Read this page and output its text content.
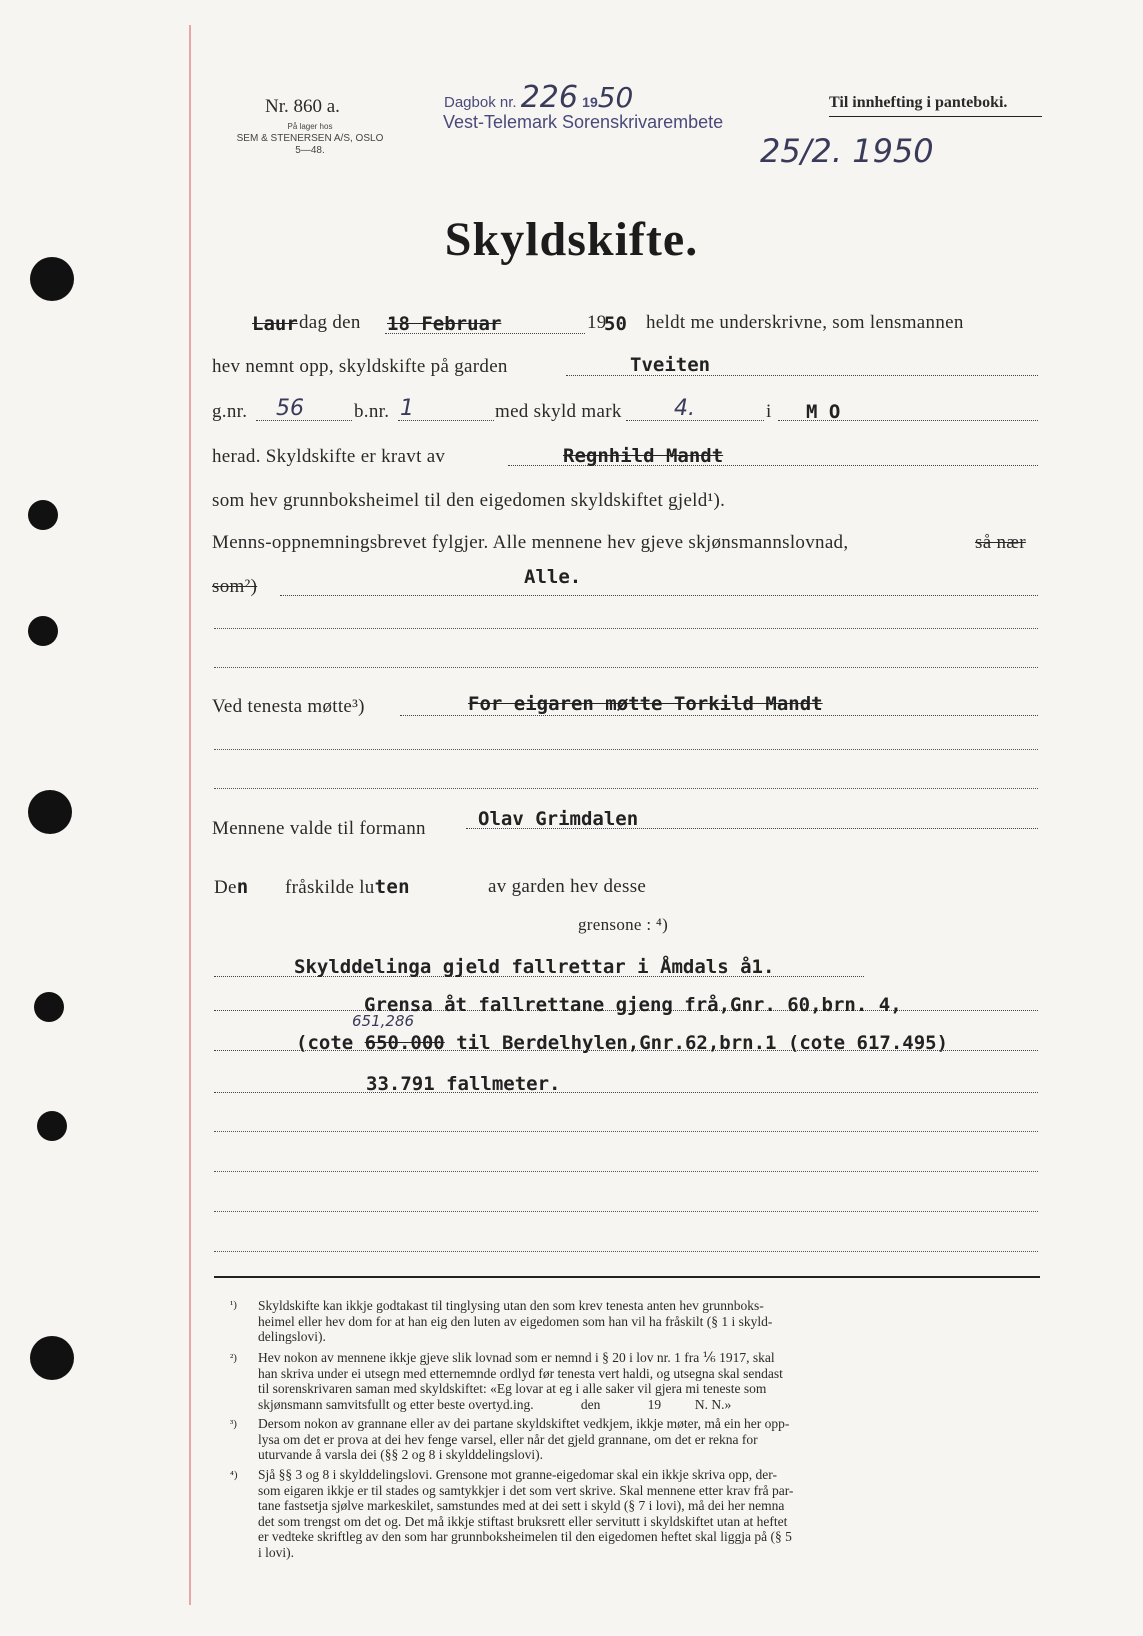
Nr. 860 a.
På lager hos
SEM & STENERSEN A/S, OSLO
5—48.
Dagbok nr. 226 1950
Vest-Telemark Sorenskrivarembete
25/2. 1950
Til innhefting i panteboki.
Skyldskifte.
Laur dag den 18 Februar	19
50 heldt me underskrivne, som lensmannen
hev nemnt opp, skyldskifte på garden	Tveiten
g.nr. 56	b.nr. 1	med skyld mark 4.	i M O
herad. Skyldskifte er kravt av	Regnhild Mandt
som hev grunnboksheimel til den eigedomen skyldskiftet gjeld¹).
Menns-oppnemningsbrevet fylgjer. Alle mennene hev gjeve skjønsmannslovnad,	så nær
som²)	Alle.
Ved tenesta møtte³)	For eigaren møtte Torkild Mandt
Mennene valde til formann	Olav Grimdalen
Den fråskilde luten	av garden hev desse
grensone : ⁴)
Skylddelinga gjeld fallrettar i Åmdals å1.
Grensa åt fallrettane gjeng frå,Gnr. 60,brn. 4,
651,286
(cote 650.000 til Berdelhylen,Gnr.62,brn.1 (cote 617.495)
33.791 fallmeter.
¹) Skyldskifte kan ikkje godtakast til tinglysing utan den som krev tenesta anten hev grunnboks-
heimel eller hev dom for at han eig den luten av eigedomen som han vil ha fråskilt (§ 1 i skyld-
delingslovi).
²) Hev nokon av mennene ikkje gjeve slik lovnad som er nemnd i § 20 i lov nr. 1 fra ⅙ 1917, skal
han skriva under ei utsegn med etternemnde ordlyd før tenesta vert haldi, og utsegna skal sendast
til sorenskrivaren saman med skyldskiftet: «Eg lovar at eg i alle saker vil gjera mi teneste som
skjønsmann samvitsfullt og etter beste overtyd.ing.              den              19          N. N.»
³) Dersom nokon av grannane eller av dei partane skyldskiftet vedkjem, ikkje møter, må ein her opp-
lysa om det er prova at dei hev fenge varsel, eller når det gjeld grannane, om det er rekna for
uturvande å varsla dei (§§ 2 og 8 i skylddelingslovi).
⁴) Sjå §§ 3 og 8 i skylddelingslovi. Grensone mot granne-eigedomar skal ein ikkje skriva opp, der-
som eigaren ikkje er til stades og samtykkjer i det som vert skrive. Skal mennene etter krav frå par-
tane fastsetja sjølve markeskilet, samstundes med at dei sett i skyld (§ 7 i lovi), må dei her nemna
det som trengst om det og. Det må ikkje stiftast bruksrett eller servitutt i skyldskiftet utan at heftet
er vedteke skriftleg av den som har grunnboksheimelen til den eigedomen heftet skal liggja på (§ 5
i lovi).
